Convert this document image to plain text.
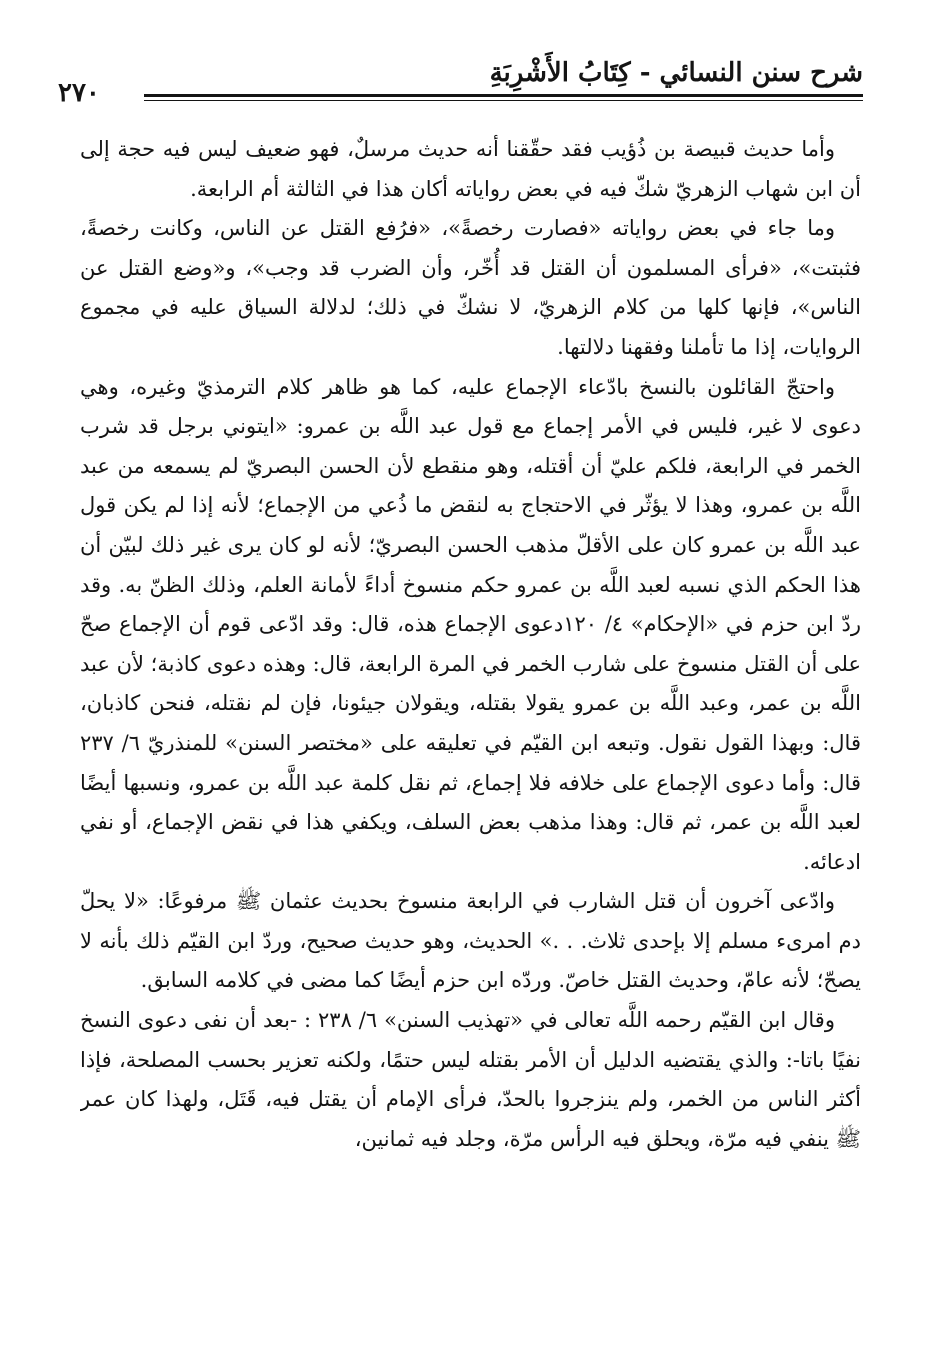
شرح سنن النسائي - كِتَابُ الأَشْرِبَةِ
٢٧٠

وأما حديث قبيصة بن ذُؤيب فقد حقّقنا أنه حديث مرسلٌ، فهو ضعيف ليس فيه حجة إلى أن ابن شهاب الزهريّ شكّ فيه في بعض رواياته أكان هذا في الثالثة أم الرابعة.

وما جاء في بعض رواياته «فصارت رخصةً»، «فرُفع القتل عن الناس، وكانت رخصةً، فثبتت»، «فرأى المسلمون أن القتل قد أُخّر، وأن الضرب قد وجب»، و«وضع القتل عن الناس»، فإنها كلها من كلام الزهريّ، لا نشكّ في ذلك؛ لدلالة السياق عليه في مجموع الروايات، إذا ما تأملنا وفقهنا دلالتها.

واحتجّ القائلون بالنسخ بادّعاء الإجماع عليه، كما هو ظاهر كلام الترمذيّ وغيره، وهي دعوى لا غير، فليس في الأمر إجماع مع قول عبد اللَّه بن عمرو: «ايتوني برجل قد شرب الخمر في الرابعة، فلكم عليّ أن أقتله، وهو منقطع لأن الحسن البصريّ لم يسمعه من عبد اللَّه بن عمرو، وهذا لا يؤثّر في الاحتجاج به لنقض ما ذُعي من الإجماع؛ لأنه إذا لم يكن قول عبد اللَّه بن عمرو كان على الأقلّ مذهب الحسن البصريّ؛ لأنه لو كان يرى غير ذلك لبيّن أن هذا الحكم الذي نسبه لعبد اللَّه بن عمرو حكم منسوخ أداءً لأمانة العلم، وذلك الظنّ به. وقد ردّ ابن حزم في «الإحكام» ٤/ ١٢٠دعوى الإجماع هذه، قال: وقد ادّعى قوم أن الإجماع صحّ على أن القتل منسوخ على شارب الخمر في المرة الرابعة، قال: وهذه دعوى كاذبة؛ لأن عبد اللَّه بن عمر، وعبد اللَّه بن عمرو يقولا بقتله، ويقولان جيئونا، فإن لم نقتله، فنحن كاذبان، قال: وبهذا القول نقول. وتبعه ابن القيّم في تعليقه على «مختصر السنن» للمنذريّ ٦/ ٢٣٧ قال: وأما دعوى الإجماع على خلافه فلا إجماع، ثم نقل كلمة عبد اللَّه بن عمرو، ونسبها أيضًا لعبد اللَّه بن عمر، ثم قال: وهذا مذهب بعض السلف، ويكفي هذا في نقض الإجماع، أو نفي ادعائه.

وادّعى آخرون أن قتل الشارب في الرابعة منسوخ بحديث عثمان ﷺ مرفوعًا: «لا يحلّ دم امرىء مسلم إلا بإحدى ثلاث. . .» الحديث، وهو حديث صحيح، وردّ ابن القيّم ذلك بأنه لا يصحّ؛ لأنه عامّ، وحديث القتل خاصّ. وردّه ابن حزم أيضًا كما مضى في كلامه السابق.

وقال ابن القيّم رحمه اللَّه تعالى في «تهذيب السنن» ٦/ ٢٣٨ : -بعد أن نفى دعوى النسخ نفيًا باتا-: والذي يقتضيه الدليل أن الأمر بقتله ليس حتمًا، ولكنه تعزير بحسب المصلحة، فإذا أكثر الناس من الخمر، ولم ينزجروا بالحدّ، فرأى الإمام أن يقتل فيه، قَتَل، ولهذا كان عمر ﷺ ينفي فيه مرّة، ويحلق فيه الرأس مرّة، وجلد فيه ثمانين،
